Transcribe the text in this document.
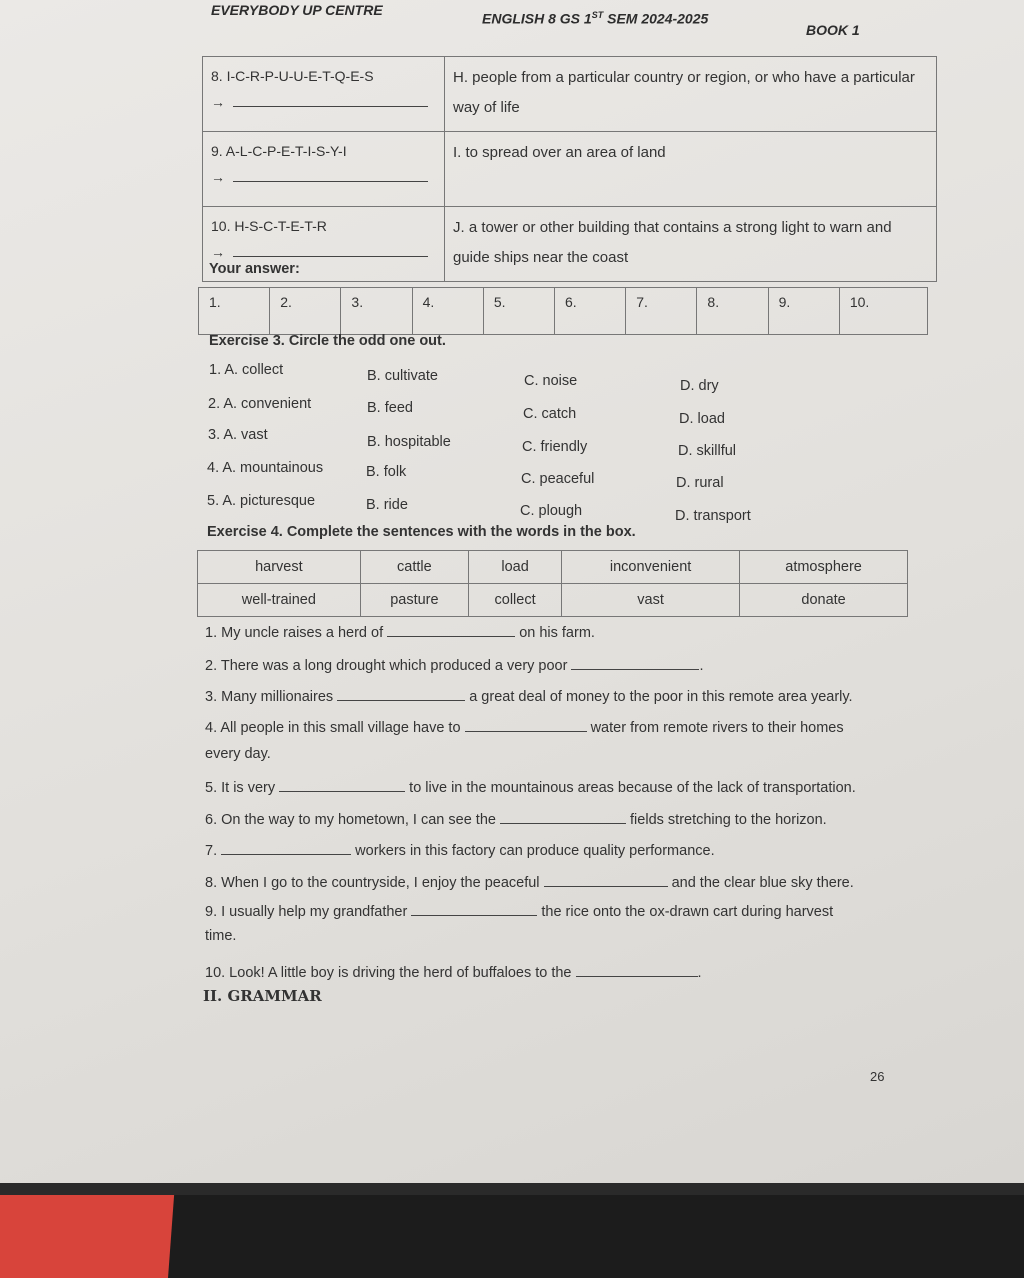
EVERYBODY UP CENTRE
ENGLISH 8 GS 1ST SEM 2024-2025
BOOK 1
8. I-C-R-P-U-U-E-T-Q-E-S
→	H. people from a particular country or region, or who have a particular way of life

9. A-L-C-P-E-T-I-S-Y-I
→	I. to spread over an area of land

10. H-S-C-T-E-T-R
→	J. a tower or other building that contains a strong light to warn and guide ships near the coast
Your answer:
1.	2.	3.	4.	5.	6.	7.	8.	9.	10.
Exercise 3. Circle the odd one out.
1. A. collect	B. cultivate	C. noise	D. dry
2. A. convenient	B. feed	C. catch	D. load
3. A. vast	B. hospitable	C. friendly	D. skillful
4. A. mountainous	B. folk	C. peaceful	D. rural
5. A. picturesque	B. ride	C. plough	D. transport
Exercise 4. Complete the sentences with the words in the box.
harvest	cattle	load	inconvenient	atmosphere
well-trained	pasture	collect	vast	donate
1. My uncle raises a herd of	on his farm.
2. There was a long drought which produced a very poor	.
3. Many millionaires	a great deal of money to the poor in this remote area yearly.
4. All people in this small village have to	water from remote rivers to their homes
every day.
5. It is very	to live in the mountainous areas because of the lack of transportation.
6. On the way to my hometown, I can see the	fields stretching to the horizon.
7.	workers in this factory can produce quality performance.
8. When I go to the countryside, I enjoy the peaceful	and the clear blue sky there.
9. I usually help my grandfather	the rice onto the ox-drawn cart during harvest
time.
10. Look! A little boy is driving the herd of buffaloes to the	.
II. GRAMMAR
26
